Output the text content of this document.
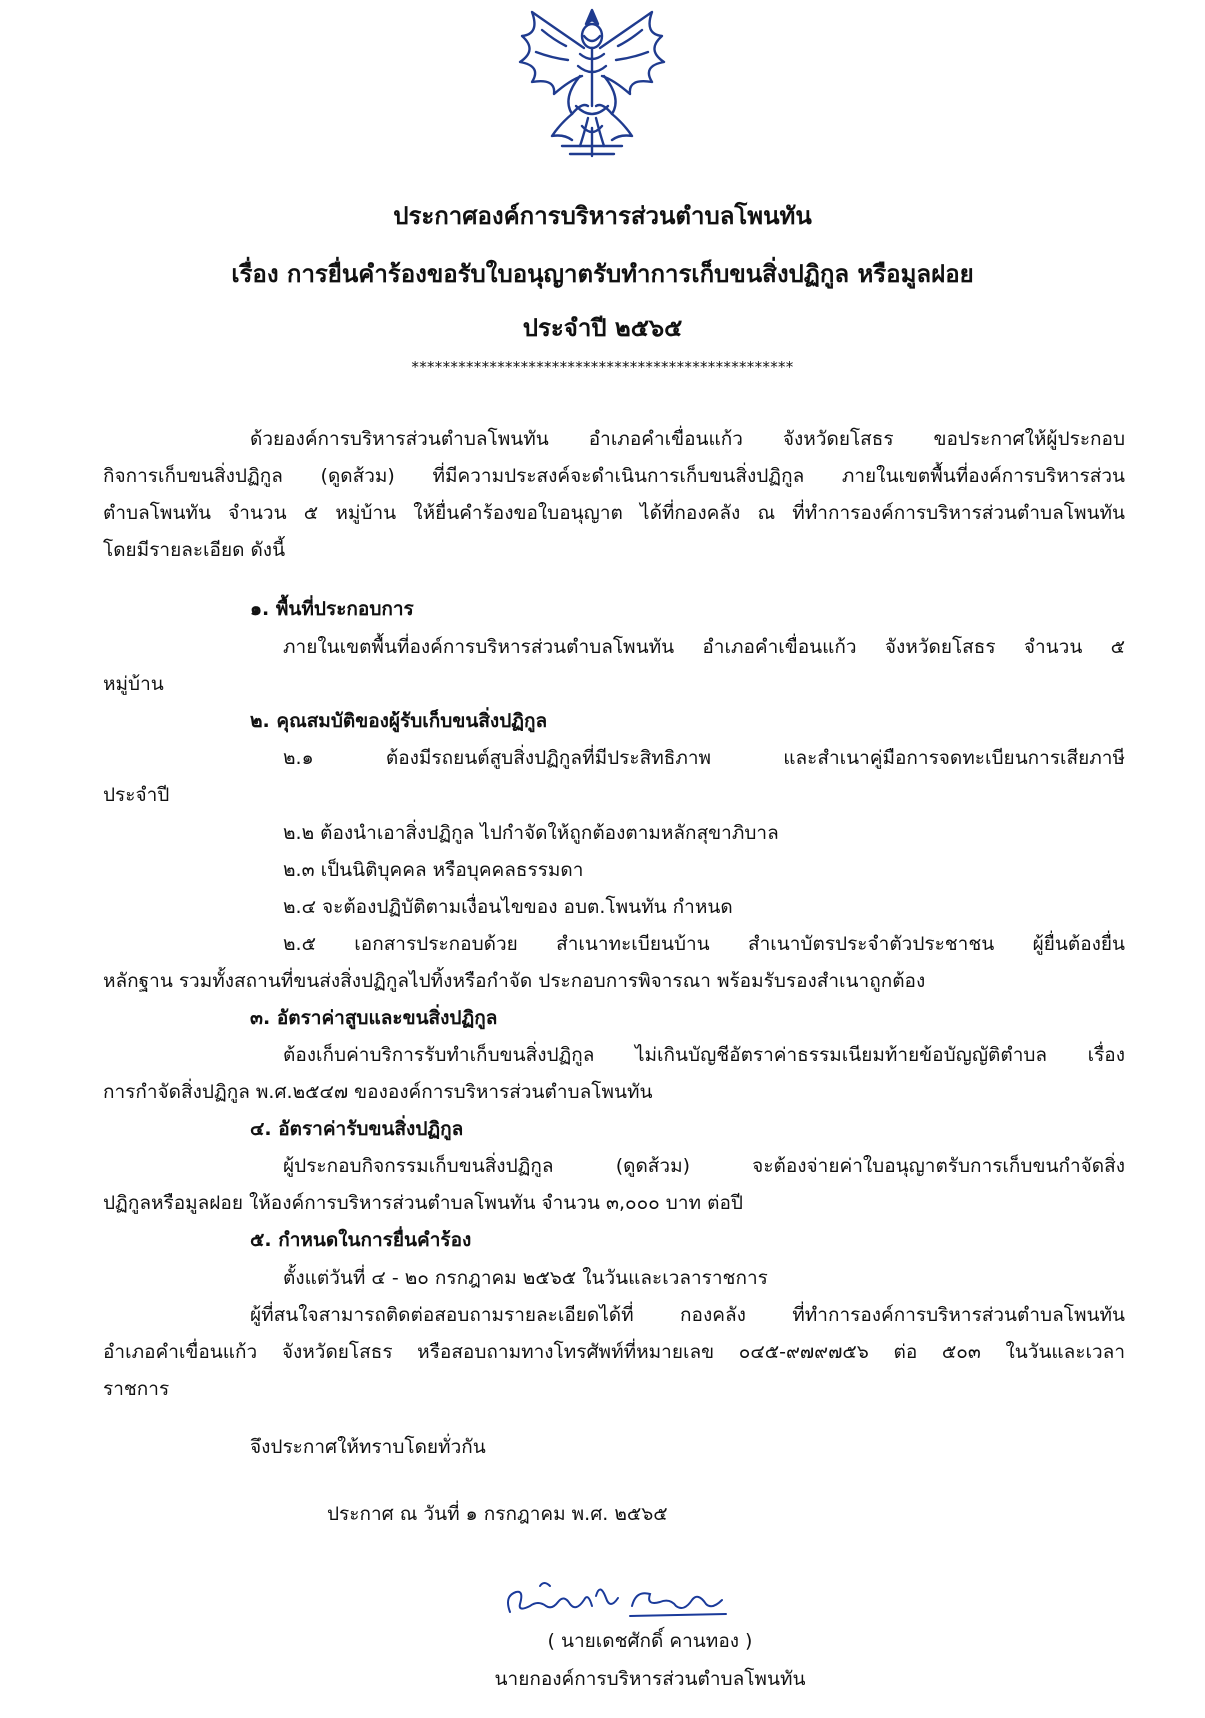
ประกาศองค์การบริหารส่วนตำบลโพนทัน
เรื่อง การยื่นคำร้องขอรับใบอนุญาตรับทำการเก็บขนสิ่งปฏิกูล หรือมูลฝอย
ประจำปี ๒๕๖๕
*************************************************
ด้วยองค์การบริหารส่วนตำบลโพนทัน อำเภอคำเขื่อนแก้ว จังหวัดยโสธร ขอประกาศให้ผู้ประกอบ
กิจการเก็บขนสิ่งปฏิกูล (ดูดส้วม) ที่มีความประสงค์จะดำเนินการเก็บขนสิ่งปฏิกูล ภายในเขตพื้นที่องค์การบริหารส่วน
ตำบลโพนทัน จำนวน ๕ หมู่บ้าน ให้ยื่นคำร้องขอใบอนุญาต ได้ที่กองคลัง ณ ที่ทำการองค์การบริหารส่วนตำบลโพนทัน
โดยมีรายละเอียด ดังนี้
๑. พื้นที่ประกอบการ
ภายในเขตพื้นที่องค์การบริหารส่วนตำบลโพนทัน อำเภอคำเขื่อนแก้ว จังหวัดยโสธร จำนวน ๕
หมู่บ้าน
๒. คุณสมบัติของผู้รับเก็บขนสิ่งปฏิกูล
๒.๑ ต้องมีรถยนต์สูบสิ่งปฏิกูลที่มีประสิทธิภาพ และสำเนาคู่มือการจดทะเบียนการเสียภาษี
ประจำปี
๒.๒ ต้องนำเอาสิ่งปฏิกูล ไปกำจัดให้ถูกต้องตามหลักสุขาภิบาล
๒.๓ เป็นนิติบุคคล หรือบุคคลธรรมดา
๒.๔ จะต้องปฏิบัติตามเงื่อนไขของ อบต.โพนทัน กำหนด
๒.๕ เอกสารประกอบด้วย สำเนาทะเบียนบ้าน สำเนาบัตรประจำตัวประชาชน ผู้ยื่นต้องยื่น
หลักฐาน รวมทั้งสถานที่ขนส่งสิ่งปฏิกูลไปทิ้งหรือกำจัด ประกอบการพิจารณา พร้อมรับรองสำเนาถูกต้อง
๓. อัตราค่าสูบและขนสิ่งปฏิกูล
ต้องเก็บค่าบริการรับทำเก็บขนสิ่งปฏิกูล ไม่เกินบัญชีอัตราค่าธรรมเนียมท้ายข้อบัญญัติตำบล เรื่อง
การกำจัดสิ่งปฏิกูล พ.ศ.๒๕๔๗ ขององค์การบริหารส่วนตำบลโพนทัน
๔. อัตราค่ารับขนสิ่งปฏิกูล
ผู้ประกอบกิจกรรมเก็บขนสิ่งปฏิกูล (ดูดส้วม) จะต้องจ่ายค่าใบอนุญาตรับการเก็บขนกำจัดสิ่ง
ปฏิกูลหรือมูลฝอย ให้องค์การบริหารส่วนตำบลโพนทัน จำนวน ๓,๐๐๐ บาท ต่อปี
๕. กำหนดในการยื่นคำร้อง
ตั้งแต่วันที่ ๔ - ๒๐ กรกฎาคม ๒๕๖๕ ในวันและเวลาราชการ
ผู้ที่สนใจสามารถติดต่อสอบถามรายละเอียดได้ที่ กองคลัง ที่ทำการองค์การบริหารส่วนตำบลโพนทัน
อำเภอคำเขื่อนแก้ว จังหวัดยโสธร หรือสอบถามทางโทรศัพท์ที่หมายเลข ๐๔๕-๙๗๙๗๕๖ ต่อ ๕๐๓ ในวันและเวลา
ราชการ
จึงประกาศให้ทราบโดยทั่วกัน
ประกาศ ณ วันที่ ๑ กรกฎาคม พ.ศ. ๒๕๖๕
( นายเดชศักดิ์ คานทอง )
นายกองค์การบริหารส่วนตำบลโพนทัน
